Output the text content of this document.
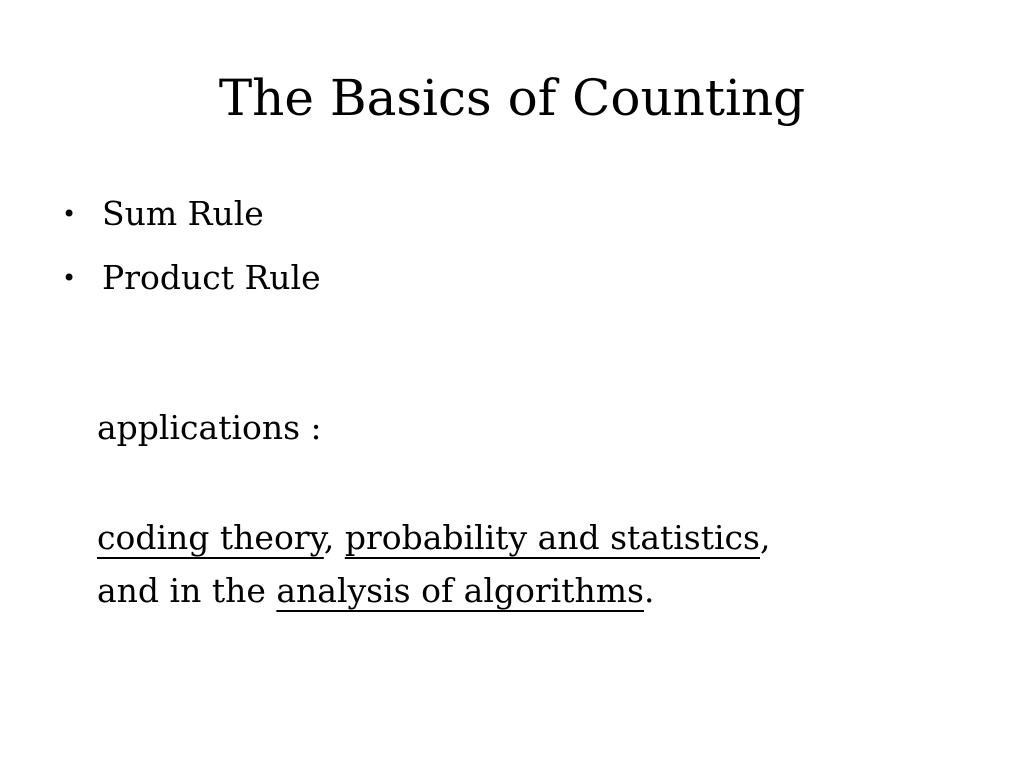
The Basics of Counting
• Sum Rule
• Product Rule
applications :
coding theory, probability and statistics,
and in the analysis of algorithms.
